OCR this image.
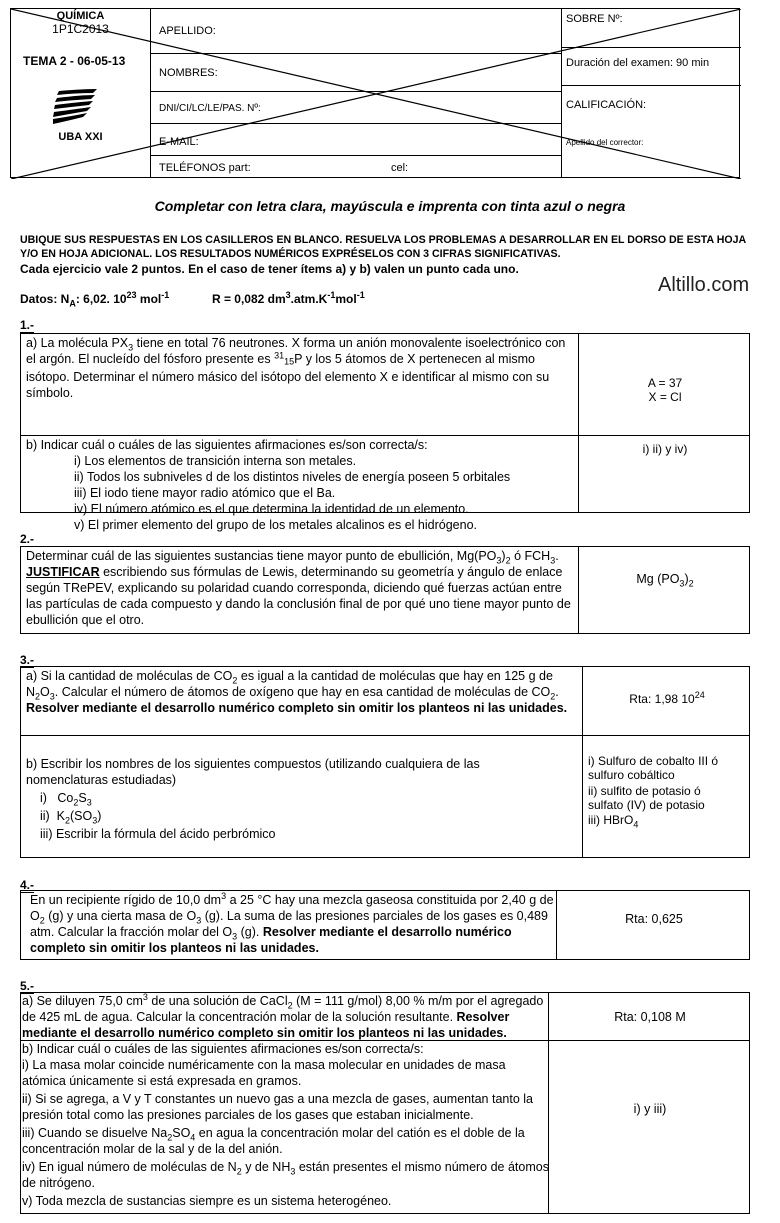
QUÍMICA
1P1C2013
TEMA 2 - 06-05-13
UBA XXI
APELLIDO:
NOMBRES:
DNI/CI/LC/LE/PAS. Nº:
E-MAIL:
TELÉFONOS part:	cel:
SOBRE Nº:
Duración del examen: 90 min
CALIFICACIÓN:
Apellido del corrector:
Completar con letra clara, mayúscula e imprenta con tinta azul o negra
UBIQUE SUS RESPUESTAS EN LOS CASILLEROS EN BLANCO. RESUELVA LOS PROBLEMAS A DESARROLLAR EN EL DORSO DE ESTA HOJA
Y/O EN HOJA ADICIONAL. LOS RESULTADOS NUMÉRICOS EXPRÉSELOS CON 3 CIFRAS SIGNIFICATIVAS.
Cada ejercicio vale 2 puntos. En el caso de tener ítems a) y b) valen un punto cada uno.
Altillo.com
Datos: $N_A$: 6,02. $10^{23}$ mol$^{-1}$	R = 0,082 $dm^3.atm.K^{-1}mol^{-1}$
1.-
a) La molécula $PX_3$ tiene en total 76 neutrones. X forma un anión monovalente isoelectrónico con el argón. El nucleído del fósforo presente es $^{31}_{15}$P y los 5 átomos de X pertenecen al mismo isótopo. Determinar el número másico del isótopo del elemento X e identificar al mismo con su símbolo.
A = 37
X = Cl
b) Indicar cuál o cuáles de las siguientes afirmaciones es/son correcta/s:
i) Los elementos de transición interna son metales.
ii) Todos los subniveles d de los distintos niveles de energía poseen 5 orbitales
iii) El iodo tiene mayor radio atómico que el Ba.
iv) El número atómico es el que determina la identidad de un elemento.
v) El primer elemento del grupo de los metales alcalinos es el hidrógeno.
i) ii) y iv)
2.-
Determinar cuál de las siguientes sustancias tiene mayor punto de ebullición, $Mg(PO_3)_2$ ó $FCH_3$. JUSTIFICAR escribiendo sus fórmulas de Lewis, determinando su geometría y ángulo de enlace según TRePEV, explicando su polaridad cuando corresponda, diciendo qué fuerzas actúan entre las partículas de cada compuesto y dando la conclusión final de por qué uno tiene mayor punto de ebullición que el otro.
Mg $(PO_3)_2$
3.-
a) Si la cantidad de moléculas de $CO_2$ es igual a la cantidad de moléculas que hay en 125 g de $N_2O_3$. Calcular el número de átomos de oxígeno que hay en esa cantidad de moléculas de $CO_2$. Resolver mediante el desarrollo numérico completo sin omitir los planteos ni las unidades.
Rta: 1,98 $10^{24}$
b) Escribir los nombres de los siguientes compuestos (utilizando cualquiera de las
nomenclaturas estudiadas)
i)   $Co_2S_3$
ii)  $K_2(SO_3)$
iii) Escribir la fórmula del ácido perbrómico
i) Sulfuro de cobalto III ó
sulfuro cobáltico
ii) sulfito de potasio ó
sulfato (IV) de potasio
iii) HBrO$_4$
4.-
En un recipiente rígido de 10,0 $dm^3$ a 25 °C hay una mezcla gaseosa constituida por 2,40 g de $O_2$ (g) y una cierta masa de $O_3$ (g). La suma de las presiones parciales de los gases es 0,489 atm. Calcular la fracción molar del $O_3$ (g). Resolver mediante el desarrollo numérico completo sin omitir los planteos ni las unidades.
Rta: 0,625
5.-
a) Se diluyen 75,0 $cm^3$ de una solución de CaCl$_2$ (M = 111 g/mol) 8,00 % m/m por el agregado de 425 mL de agua. Calcular la concentración molar de la solución resultante. Resolver mediante el desarrollo numérico completo sin omitir los planteos ni las unidades.
Rta: 0,108 M
b) Indicar cuál o cuáles de las siguientes afirmaciones es/son correcta/s:
i) La masa molar coincide numéricamente con la masa molecular en unidades de masa
atómica únicamente si está expresada en gramos.
ii) Si se agrega, a V y T constantes un nuevo gas a una mezcla de gases, aumentan tanto la
presión total como las presiones parciales de los gases que estaban inicialmente.
iii) Cuando se disuelve $Na_2SO_4$ en agua la concentración molar del catión es el doble de la
concentración molar de la sal y de la del anión.
iv) En igual número de moléculas de $N_2$ y de $NH_3$ están presentes el mismo número de átomos
de nitrógeno.
v) Toda mezcla de sustancias siempre es un sistema heterogéneo.
i) y iii)
